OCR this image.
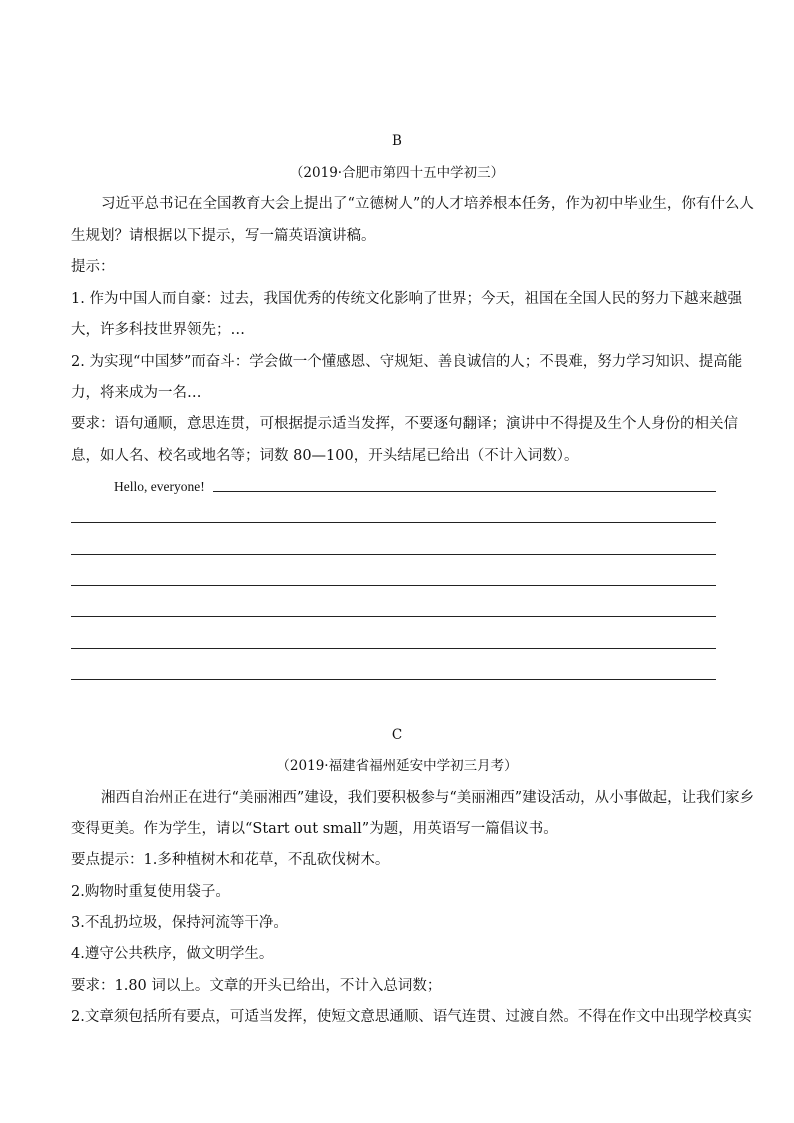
B
（2019·合肥市第四十五中学初三）
习近平总书记在全国教育大会上提出了“立德树人”的人才培养根本任务，作为初中毕业生，你有什么人
生规划？请根据以下提示，写一篇英语演讲稿。
提示：
1. 作为中国人而自豪：过去，我国优秀的传统文化影响了世界；今天，祖国在全国人民的努力下越来越强
大，许多科技世界领先；…
2. 为实现“中国梦”而奋斗：学会做一个懂感恩、守规矩、善良诚信的人；不畏难，努力学习知识、提高能
力，将来成为一名…
要求：语句通顺，意思连贯，可根据提示适当发挥，不要逐句翻译；演讲中不得提及生个人身份的相关信
息，如人名、校名或地名等；词数 80—100，开头结尾已给出（不计入词数）。
Hello, everyone!
C
（2019·福建省福州延安中学初三月考）
湘西自治州正在进行“美丽湘西”建设，我们要积极参与“美丽湘西”建设活动，从小事做起，让我们家乡
变得更美。作为学生，请以“Start out small”为题，用英语写一篇倡议书。
要点提示：1.多种植树木和花草，不乱砍伐树木。
2.购物时重复使用袋子。
3.不乱扔垃圾，保持河流等干净。
4.遵守公共秩序，做文明学生。
要求：1.80 词以上。文章的开头已给出，不计入总词数；
2.文章须包括所有要点，可适当发挥，使短文意思通顺、语气连贯、过渡自然。不得在作文中出现学校真实
